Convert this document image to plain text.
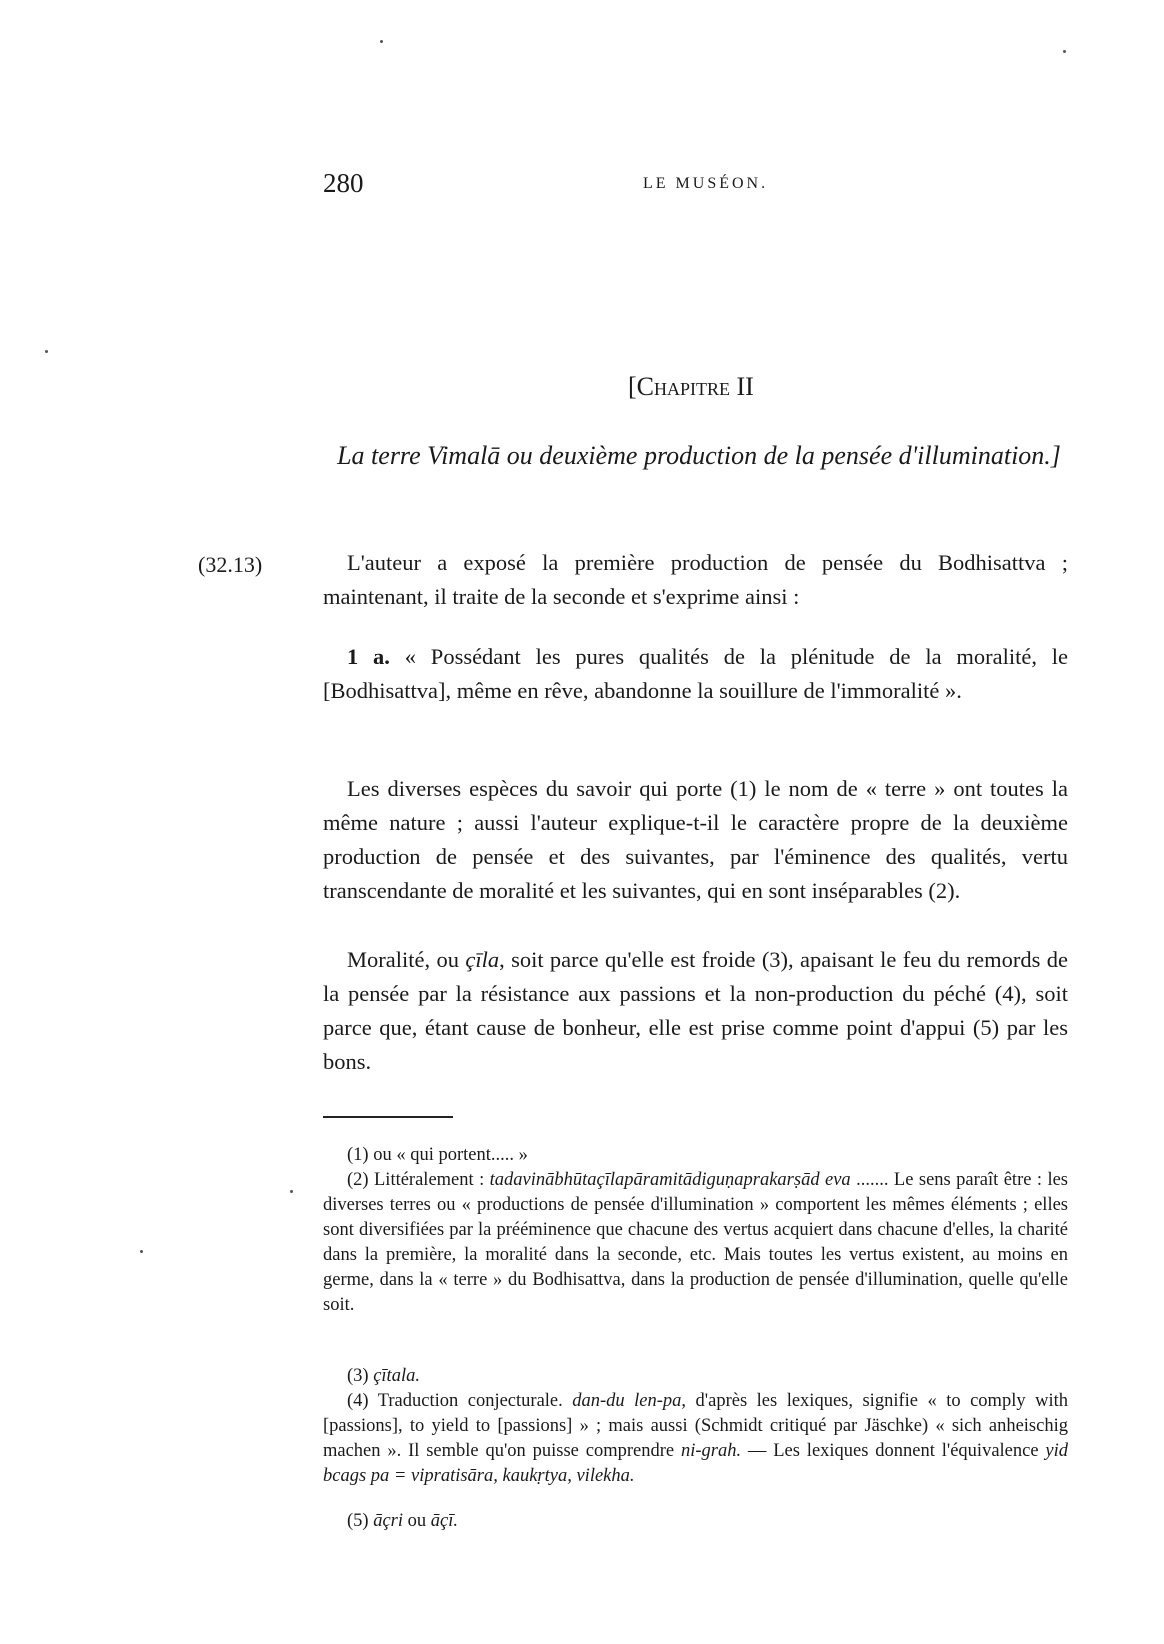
280	LE MUSÉON.
[Chapitre II
La terre Vimalā ou deuxième production de la pensée d'illumination.]
(32.13)	L'auteur a exposé la première production de pensée du Bodhisattva ; maintenant, il traite de la seconde et s'exprime ainsi :
1 a. « Possédant les pures qualités de la plénitude de la moralité, le [Bodhisattva], même en rêve, abandonne la souillure de l'immoralité ».
Les diverses espèces du savoir qui porte (1) le nom de « terre » ont toutes la même nature ; aussi l'auteur explique-t-il le caractère propre de la deuxième production de pensée et des suivantes, par l'éminence des qualités, vertu transcendante de moralité et les suivantes, qui en sont inséparables (2).
Moralité, ou çīla, soit parce qu'elle est froide (3), apaisant le feu du remords de la pensée par la résistance aux passions et la non-production du péché (4), soit parce que, étant cause de bonheur, elle est prise comme point d'appui (5) par les bons.
(1) ou « qui portent..... »
(2) Littéralement : tadavinābhūtaçīlapāramitādiguṇaprakarṣād eva ....... Le sens paraît être : les diverses terres ou « productions de pensée d'illumination » comportent les mêmes éléments ; elles sont diversifiées par la prééminence que chacune des vertus acquiert dans chacune d'elles, la charité dans la première, la moralité dans la seconde, etc. Mais toutes les vertus existent, au moins en germe, dans la « terre » du Bodhisattva, dans la production de pensée d'illumination, quelle qu'elle soit.
(3) çītala.
(4) Traduction conjecturale. dan-du len-pa, d'après les lexiques, signifie « to comply with [passions], to yield to [passions] » ; mais aussi (Schmidt critiqué par Jäschke) « sich anheischig machen ». Il semble qu'on puisse comprendre ni-grah. — Les lexiques donnent l'équivalence yid bcags pa = vipratisāra, kaukṛtya, vilekha.
(5) āçri ou āçī.
